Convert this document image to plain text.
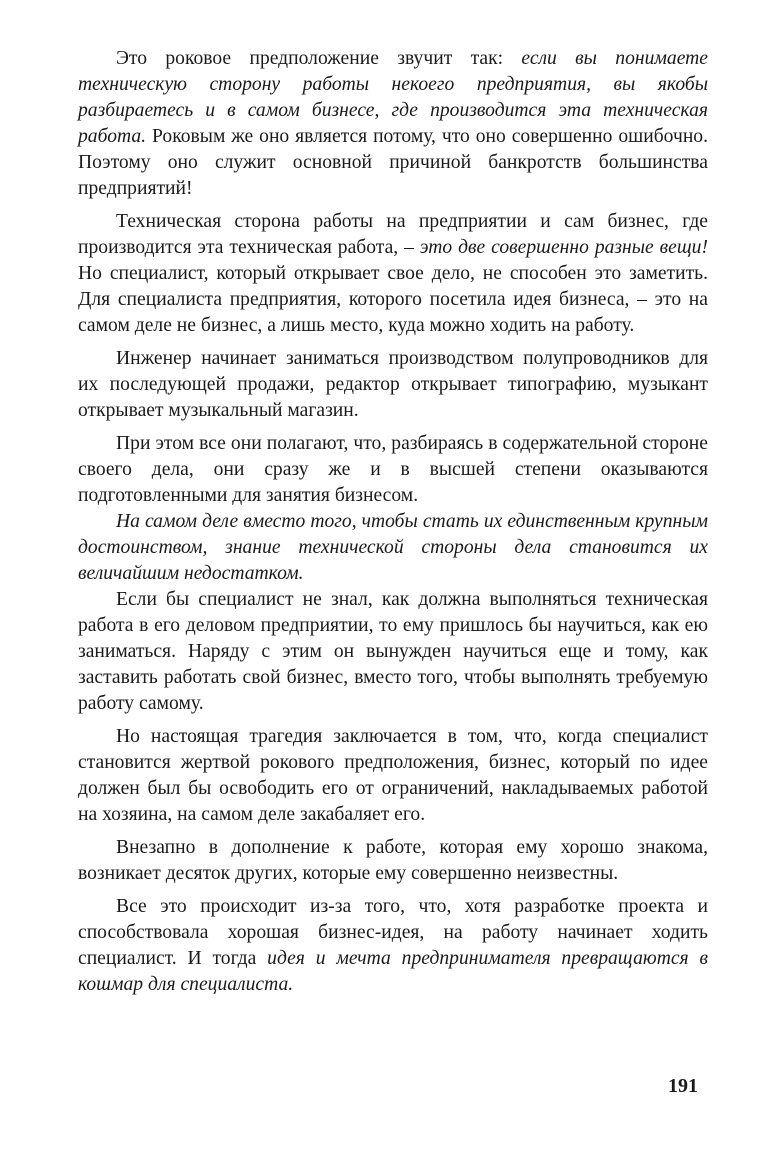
Это роковое предположение звучит так: если вы понимаете техническую сторону работы некоего предприятия, вы якобы разбираетесь и в самом бизнесе, где производится эта техническая работа. Роковым же оно является потому, что оно совершенно ошибочно. Поэтому оно служит основной причиной банкротств большинства предприятий!

Техническая сторона работы на предприятии и сам бизнес, где производится эта техническая работа, – это две совершенно разные вещи! Но специалист, который открывает свое дело, не способен это заметить. Для специалиста предприятия, которого посетила идея бизнеса, – это на самом деле не бизнес, а лишь место, куда можно ходить на работу.

Инженер начинает заниматься производством полупроводников для их последующей продажи, редактор открывает типографию, музыкант открывает музыкальный магазин.

При этом все они полагают, что, разбираясь в содержательной стороне своего дела, они сразу же и в высшей степени оказываются подготовленными для занятия бизнесом.

На самом деле вместо того, чтобы стать их единственным крупным достоинством, знание технической стороны дела становится их величайшим недостатком.

Если бы специалист не знал, как должна выполняться техническая работа в его деловом предприятии, то ему пришлось бы научиться, как ею заниматься. Наряду с этим он вынужден научиться еще и тому, как заставить работать свой бизнес, вместо того, чтобы выполнять требуемую работу самому.

Но настоящая трагедия заключается в том, что, когда специалист становится жертвой рокового предположения, бизнес, который по идее должен был бы освободить его от ограничений, накладываемых работой на хозяина, на самом деле закабаляет его.

Внезапно в дополнение к работе, которая ему хорошо знакома, возникает десяток других, которые ему совершенно неизвестны.

Все это происходит из-за того, что, хотя разработке проекта и способствовала хорошая бизнес-идея, на работу начинает ходить специалист. И тогда идея и мечта предпринимателя превращаются в кошмар для специалиста.

191
